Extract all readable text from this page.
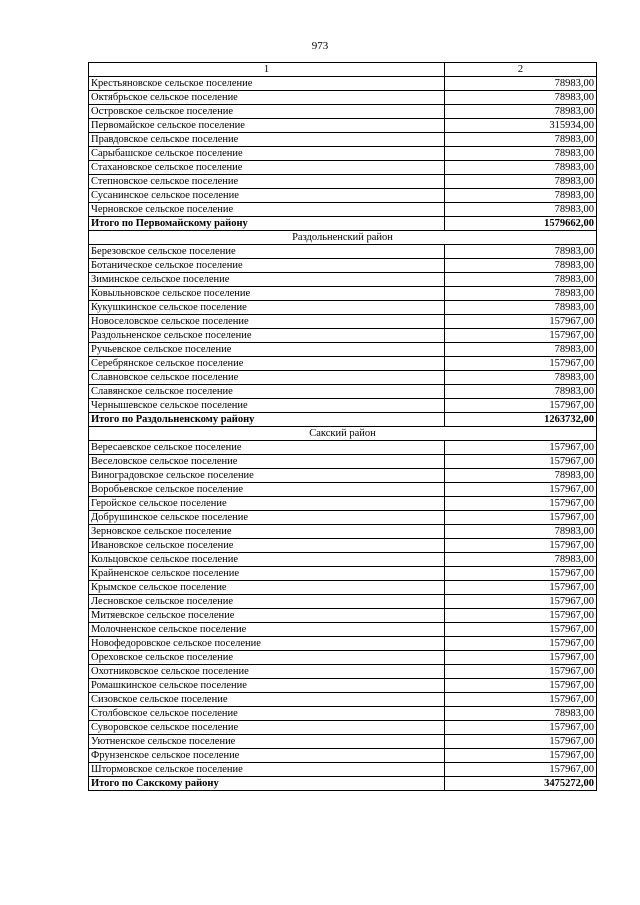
973
1	2
Крестьяновское сельское поселение	78983,00
Октябрьское сельское поселение	78983,00
Островское сельское поселение	78983,00
Первомайское сельское поселение	315934,00
Правдовское сельское поселение	78983,00
Сарыбашское сельское поселение	78983,00
Стахановское сельское поселение	78983,00
Степновское сельское поселение	78983,00
Сусанинское сельское поселение	78983,00
Черновское сельское поселение	78983,00
Итого по Первомайскому району	1579662,00
Раздольненский район	
Березовское сельское поселение	78983,00
Ботаническое сельское поселение	78983,00
Зиминское сельское поселение	78983,00
Ковыльновское сельское поселение	78983,00
Кукушкинское сельское поселение	78983,00
Новоселовское сельское поселение	157967,00
Раздольненское сельское поселение	157967,00
Ручьевское сельское поселение	78983,00
Серебрянское сельское поселение	157967,00
Славновское сельское поселение	78983,00
Славянское сельское поселение	78983,00
Чернышевское сельское поселение	157967,00
Итого по Раздольненскому району	1263732,00
Сакский район	
Вересаевское сельское поселение	157967,00
Веселовское сельское поселение	157967,00
Виноградовское сельское поселение	78983,00
Воробьевское сельское поселение	157967,00
Геройское сельское поселение	157967,00
Добрушинское сельское поселение	157967,00
Зерновское сельское поселение	78983,00
Ивановское сельское поселение	157967,00
Кольцовское сельское поселение	78983,00
Крайненское сельское поселение	157967,00
Крымское сельское поселение	157967,00
Лесновское сельское поселение	157967,00
Митяевское сельское поселение	157967,00
Молочненское сельское поселение	157967,00
Новофедоровское сельское поселение	157967,00
Ореховское сельское поселение	157967,00
Охотниковское сельское поселение	157967,00
Ромашкинское сельское поселение	157967,00
Сизовское сельское поселение	157967,00
Столбовское сельское поселение	78983,00
Суворовское сельское поселение	157967,00
Уютненское сельское поселение	157967,00
Фрунзенское сельское поселение	157967,00
Штормовское сельское поселение	157967,00
Итого по Сакскому району	3475272,00
